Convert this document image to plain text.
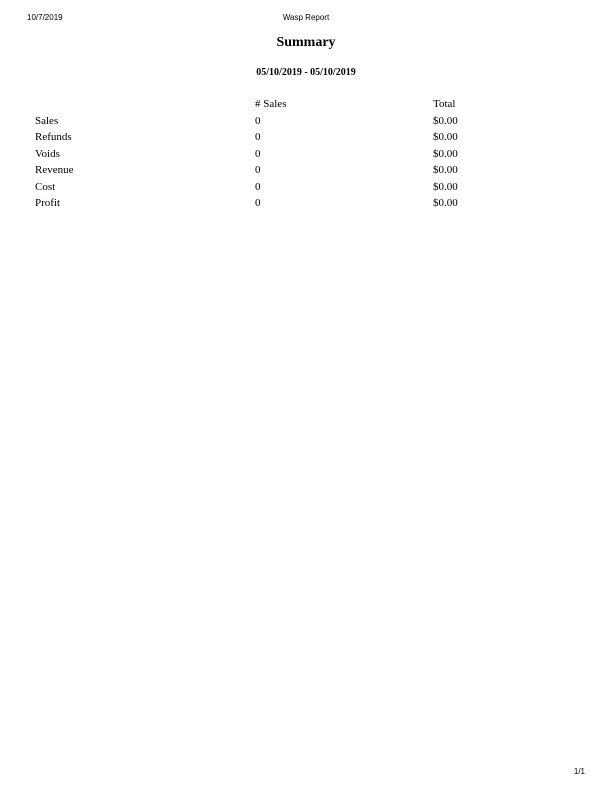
10/7/2019	Wasp Report
Summary
05/10/2019 - 05/10/2019
	# Sales	Total
Sales	0	$0.00
Refunds	0	$0.00
Voids	0	$0.00
Revenue	0	$0.00
Cost	0	$0.00
Profit	0	$0.00
1/1
